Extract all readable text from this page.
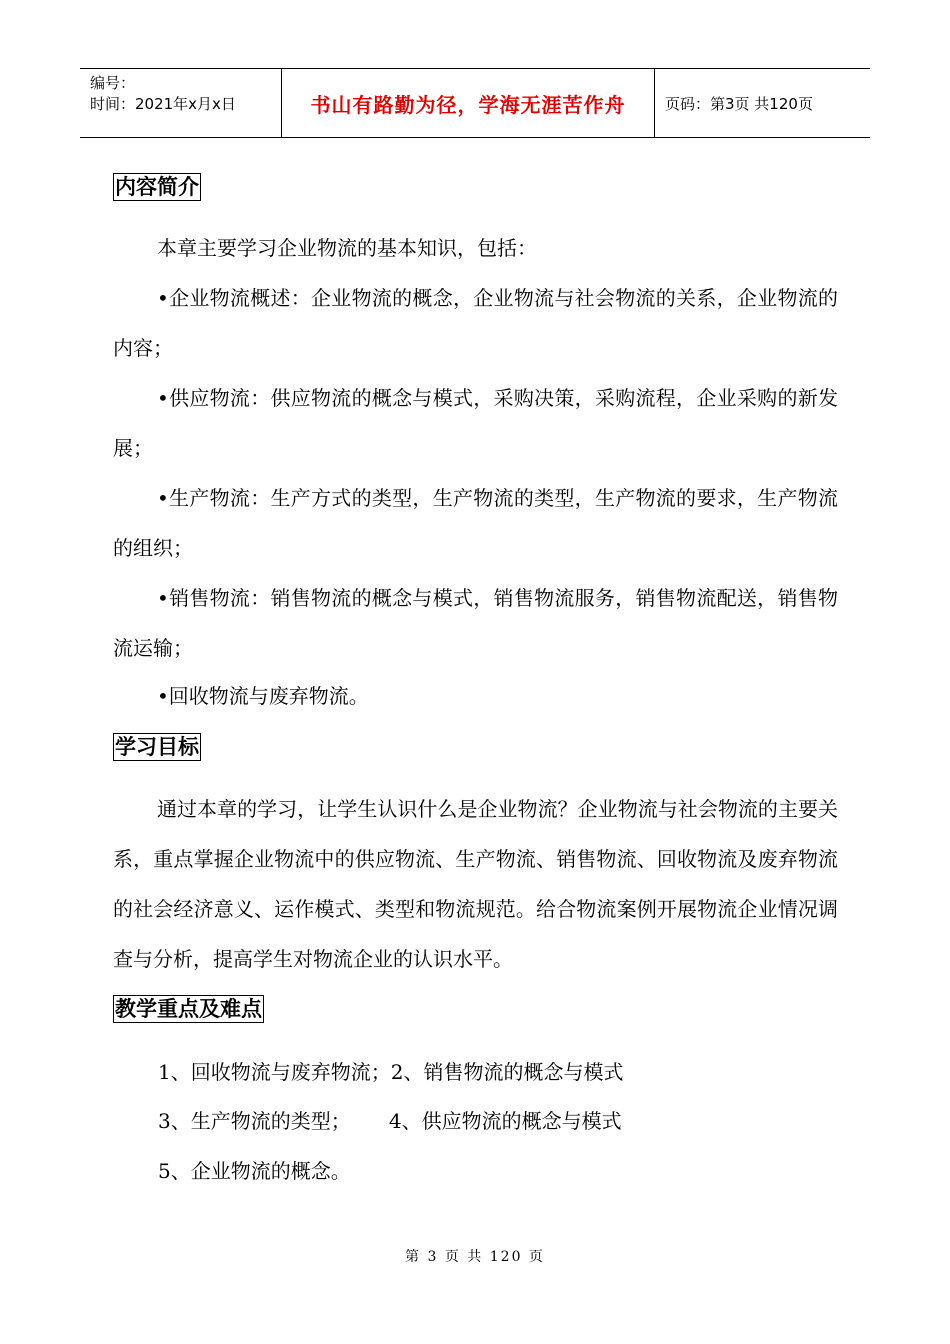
编号：
时间：2021年x月x日	书山有路勤为径，学海无涯苦作舟	页码：第3页 共120页
内容简介

本章主要学习企业物流的基本知识，包括：

•企业物流概述：企业物流的概念，企业物流与社会物流的关系，企业物流的内容；

•供应物流：供应物流的概念与模式，采购决策，采购流程，企业采购的新发展；

•生产物流：生产方式的类型，生产物流的类型，生产物流的要求，生产物流的组织；

•销售物流：销售物流的概念与模式，销售物流服务，销售物流配送，销售物流运输；

•回收物流与废弃物流。

学习目标

通过本章的学习，让学生认识什么是企业物流？企业物流与社会物流的主要关系，重点掌握企业物流中的供应物流、生产物流、销售物流、回收物流及废弃物流的社会经济意义、运作模式、类型和物流规范。给合物流案例开展物流企业情况调查与分析，提高学生对物流企业的认识水平。

教学重点及难点
1、回收物流与废弃物流；2、销售物流的概念与模式
3、生产物流的类型；      4、供应物流的概念与模式
5、企业物流的概念。
第 3 页 共 120 页
